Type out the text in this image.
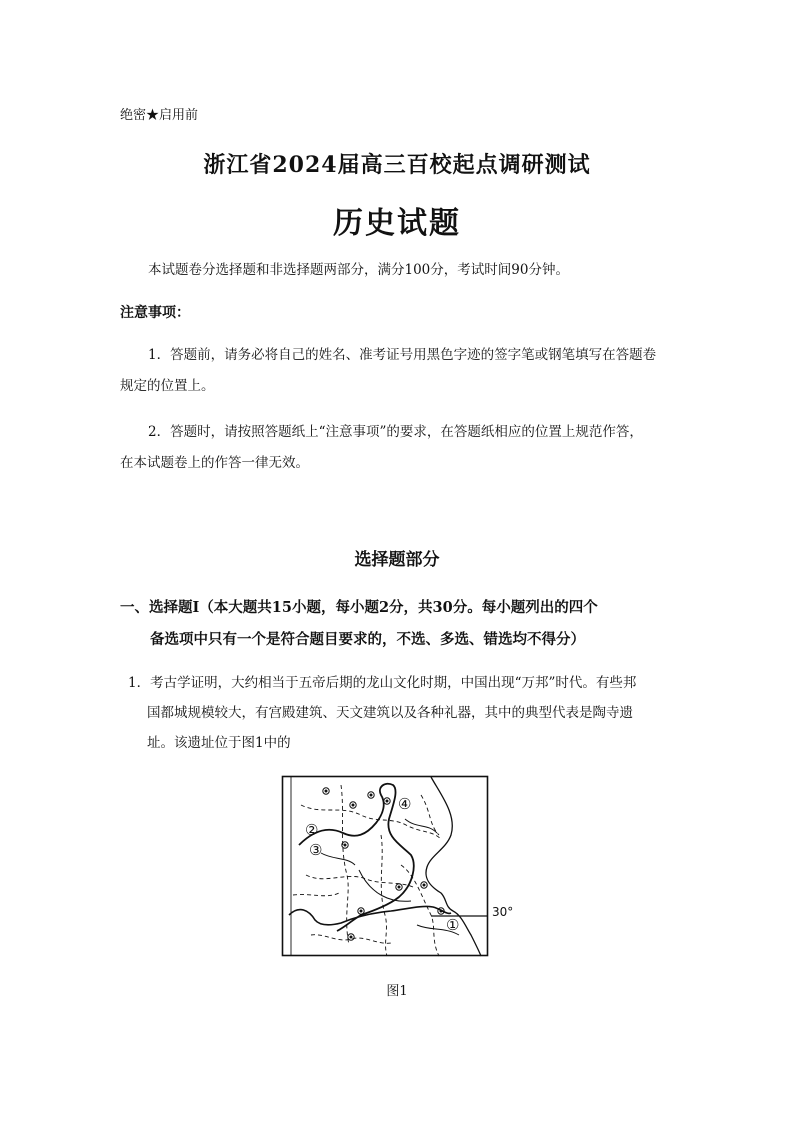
绝密★启用前
浙江省2024届高三百校起点调研测试
历史试题
本试题卷分选择题和非选择题两部分，满分100分，考试时间90分钟。
注意事项：
1．答题前，请务必将自己的姓名、准考证号用黑色字迹的签字笔或钢笔填写在答题卷
规定的位置上。
2．答题时，请按照答题纸上“注意事项”的要求，在答题纸相应的位置上规范作答，
在本试题卷上的作答一律无效。
选择题部分
一、选择题Ⅰ（本大题共15小题，每小题2分，共30分。每小题列出的四个
备选项中只有一个是符合题目要求的，不选、多选、错选均不得分）
1．考古学证明，大约相当于五帝后期的龙山文化时期，中国出现“万邦”时代。有些邦
国都城规模较大，有宫殿建筑、天文建筑以及各种礼器，其中的典型代表是陶寺遗
址。该遗址位于图1中的
①
②
③
④
30°
图1
